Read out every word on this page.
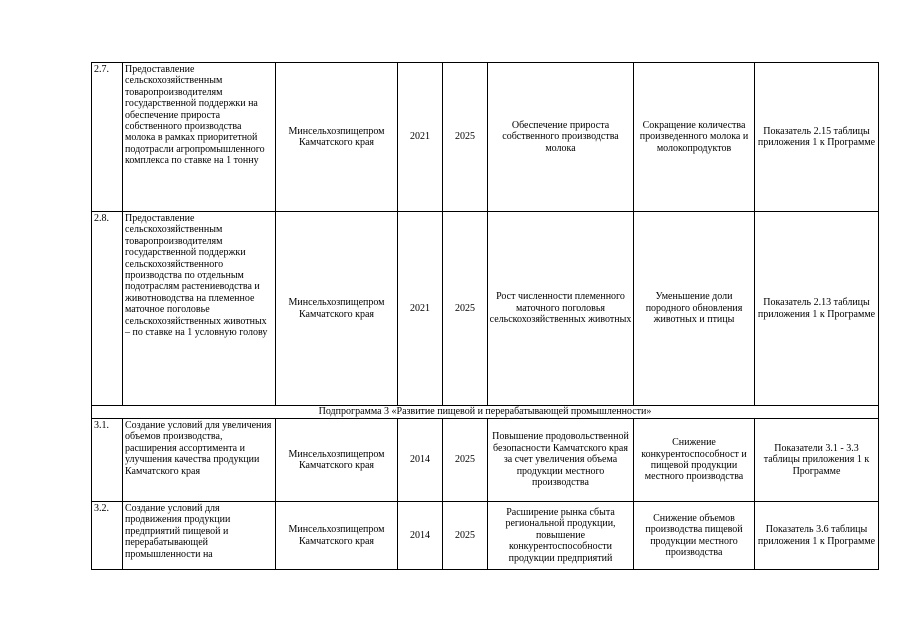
2.7.	Предоставление сельскохозяйственным товаропроизводителям государственной поддержки на обеспечение прироста собственного производства молока в рамках приоритетной подотрасли агропромышленного комплекса по ставке на 1 тонну	Минсельхозпищепром Камчатского края	2021	2025	Обеспечение прироста собственного производства молока	Сокращение количества произведенного молока и молокопродуктов	Показатель 2.15 таблицы приложения 1 к Программе
2.8.	Предоставление сельскохозяйственным товаропроизводителям государственной поддержки сельскохозяйственного производства по отдельным подотраслям растениеводства и животноводства на племенное маточное поголовье сельскохозяйственных животных – по ставке на 1 условную голову	Минсельхозпищепром Камчатского края	2021	2025	Рост численности племенного маточного поголовья сельскохозяйственных животных	Уменьшение доли породного обновления животных и птицы	Показатель 2.13 таблицы приложения 1 к Программе
Подпрограмма 3 «Развитие пищевой и перерабатывающей промышленности»							
3.1.	Создание условий для увеличения объемов производства, расширения ассортимента и улучшения качества продукции Камчатского края	Минсельхозпищепром Камчатского края	2014	2025	Повышение продовольственной безопасности Камчатского края за счет увеличения объема продукции местного производства	Снижение конкурентоспособност и пищевой продукции местного производства	Показатели 3.1 - 3.3 таблицы приложения 1 к Программе
3.2.	Создание условий для продвижения продукции предприятий пищевой и перерабатывающей промышленности на	Минсельхозпищепром Камчатского края	2014	2025	Расширение рынка сбыта региональной продукции, повышение конкурентоспособности продукции предприятий	Снижение объемов производства пищевой продукции местного производства	Показатель 3.6 таблицы приложения 1 к Программе
